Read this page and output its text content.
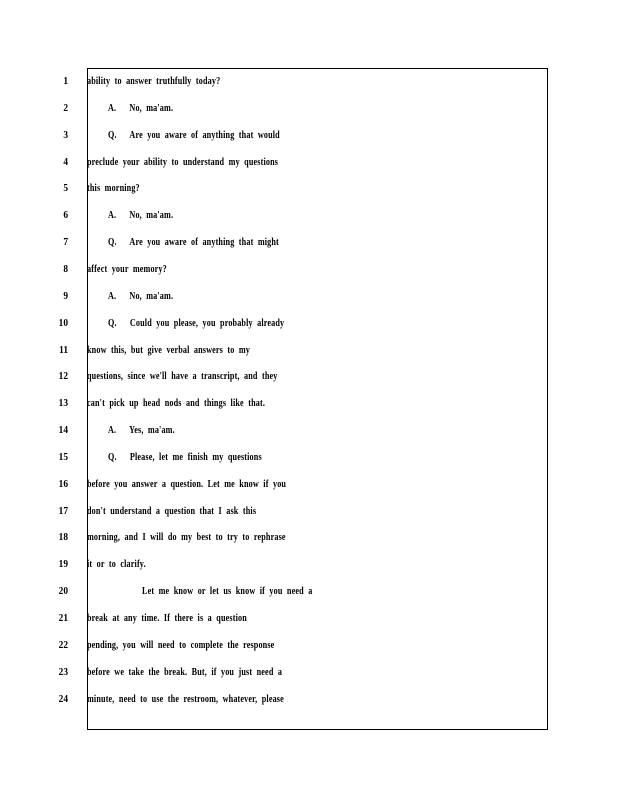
1 ability to answer truthfully today?
2	A.   No, ma'am.
3	Q.   Are you aware of anything that would
4 preclude your ability to understand my questions
5 this morning?
6	A.   No, ma'am.
7	Q.   Are you aware of anything that might
8 affect your memory?
9	A.   No, ma'am.
10	Q.   Could you please, you probably already
11 know this, but give verbal answers to my
12 questions, since we'll have a transcript, and they
13 can't pick up head nods and things like that.
14	A.   Yes, ma'am.
15	Q.   Please, let me finish my questions
16 before you answer a question. Let me know if you
17 don't understand a question that I ask this
18 morning, and I will do my best to try to rephrase
19 it or to clarify.
20	Let me know or let us know if you need a
21 break at any time. If there is a question
22 pending, you will need to complete the response
23 before we take the break. But, if you just need a
24 minute, need to use the restroom, whatever, please
